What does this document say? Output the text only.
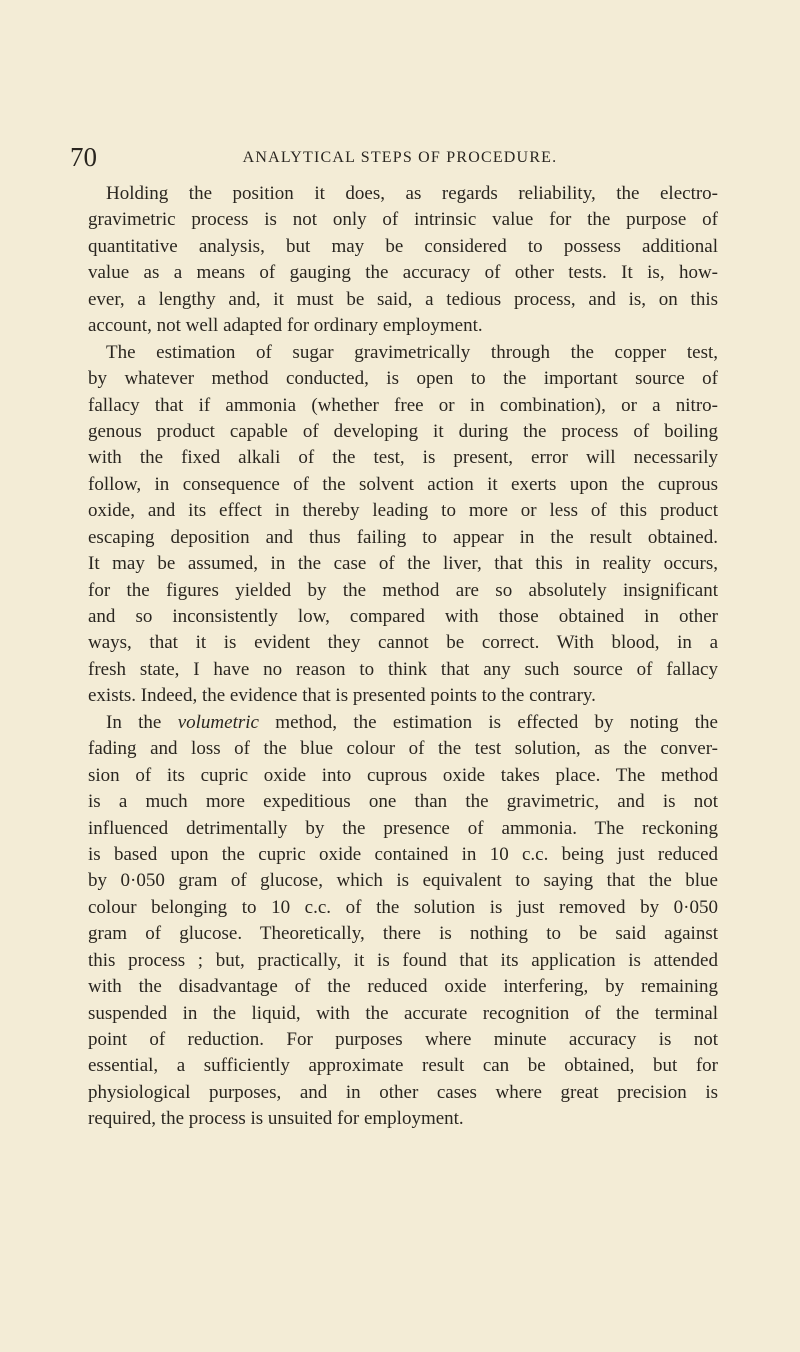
70	ANALYTICAL STEPS OF PROCEDURE.
Holding the position it does, as regards reliability, the electro-
gravimetric process is not only of intrinsic value for the purpose of
quantitative analysis, but may be considered to possess additional
value as a means of gauging the accuracy of other tests. It is, how-
ever, a lengthy and, it must be said, a tedious process, and is, on this
account, not well adapted for ordinary employment.
The estimation of sugar gravimetrically through the copper test,
by whatever method conducted, is open to the important source of
fallacy that if ammonia (whether free or in combination), or a nitro-
genous product capable of developing it during the process of boiling
with the fixed alkali of the test, is present, error will necessarily
follow, in consequence of the solvent action it exerts upon the cuprous
oxide, and its effect in thereby leading to more or less of this product
escaping deposition and thus failing to appear in the result obtained.
It may be assumed, in the case of the liver, that this in reality occurs,
for the figures yielded by the method are so absolutely insignificant
and so inconsistently low, compared with those obtained in other
ways, that it is evident they cannot be correct. With blood, in a
fresh state, I have no reason to think that any such source of fallacy
exists. Indeed, the evidence that is presented points to the contrary.
In the volumetric method, the estimation is effected by noting the
fading and loss of the blue colour of the test solution, as the conver-
sion of its cupric oxide into cuprous oxide takes place. The method
is a much more expeditious one than the gravimetric, and is not
influenced detrimentally by the presence of ammonia. The reckoning
is based upon the cupric oxide contained in 10 c.c. being just reduced
by 0·050 gram of glucose, which is equivalent to saying that the blue
colour belonging to 10 c.c. of the solution is just removed by 0·050
gram of glucose. Theoretically, there is nothing to be said against
this process ; but, practically, it is found that its application is attended
with the disadvantage of the reduced oxide interfering, by remaining
suspended in the liquid, with the accurate recognition of the terminal
point of reduction. For purposes where minute accuracy is not
essential, a sufficiently approximate result can be obtained, but for
physiological purposes, and in other cases where great precision is
required, the process is unsuited for employment.
